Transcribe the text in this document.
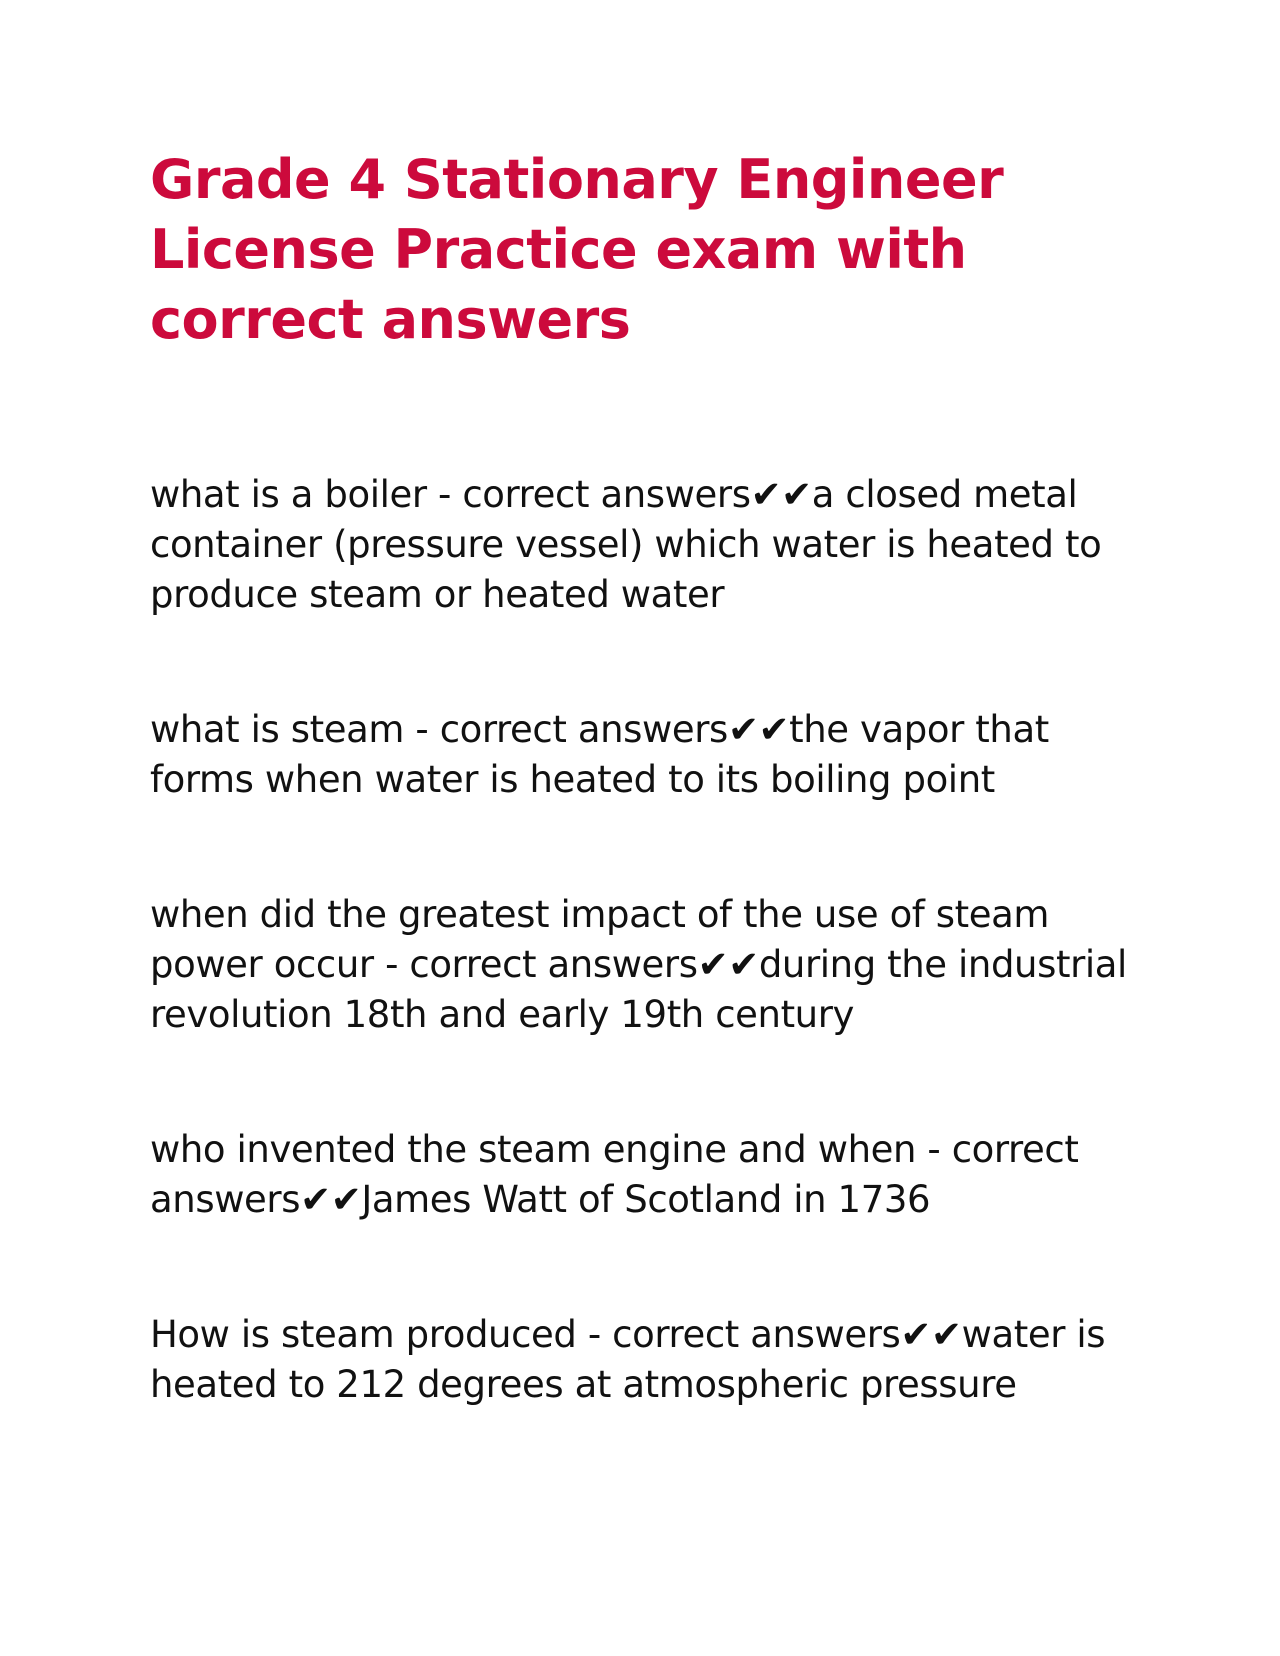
Grade 4 Stationary Engineer License Practice exam with correct answers

what is a boiler - correct answers✔✔a closed metal container (pressure vessel) which water is heated to produce steam or heated water

what is steam - correct answers✔✔the vapor that forms when water is heated to its boiling point

when did the greatest impact of the use of steam power occur - correct answers✔✔during the industrial revolution 18th and early 19th century

who invented the steam engine and when - correct answers✔✔James Watt of Scotland in 1736

How is steam produced - correct answers✔✔water is heated to 212 degrees at atmospheric pressure
